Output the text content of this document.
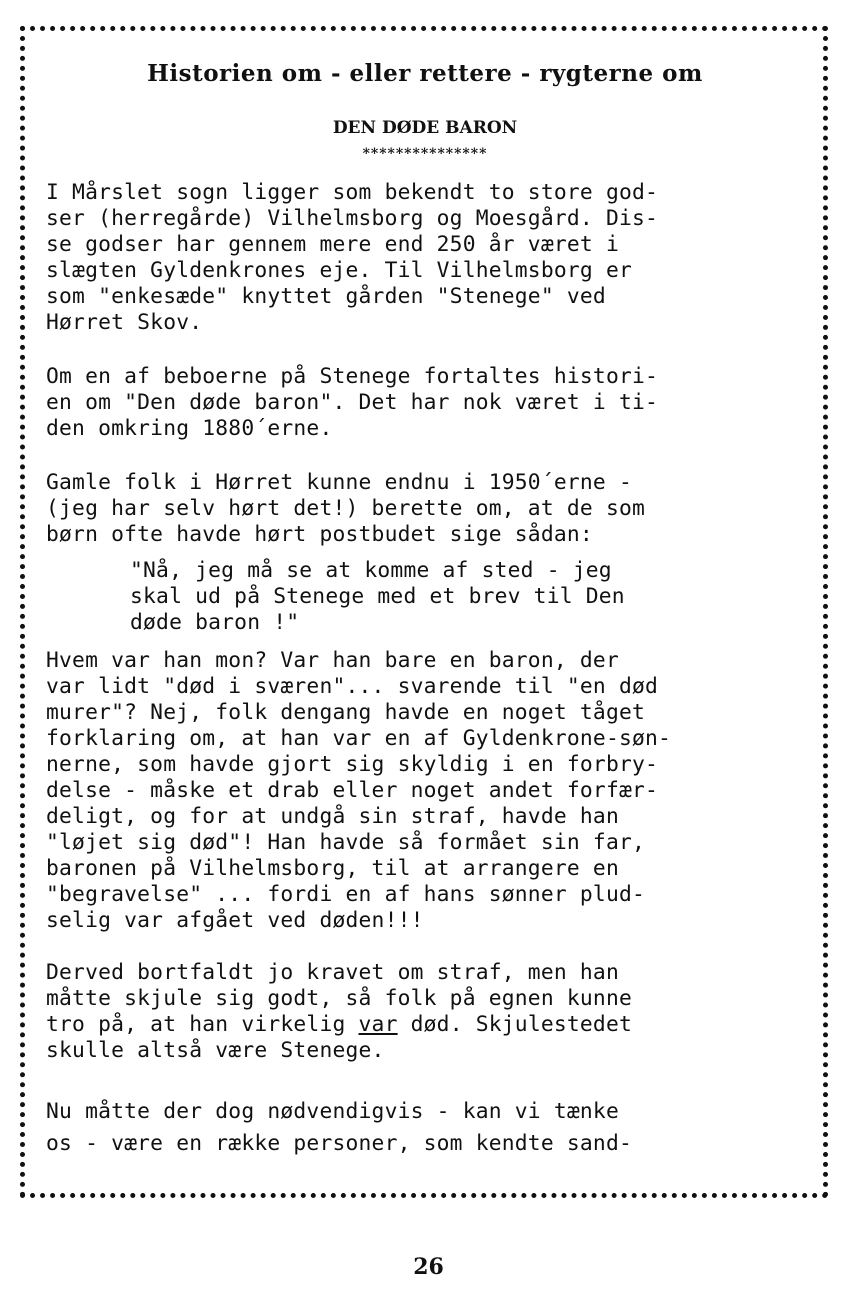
Historien om - eller rettere - rygterne om
DEN DØDE BARON
***************

I Mårslet sogn ligger som bekendt to store god-
ser (herregårde) Vilhelmsborg og Moesgård. Dis-
se godser har gennem mere end 250 år været i
slægten Gyldenkrones eje. Til Vilhelmsborg er
som "enkesæde" knyttet gården "Stenege" ved
Hørret Skov.

Om en af beboerne på Stenege fortaltes histori-
en om "Den døde baron". Det har nok været i ti-
den omkring 1880´erne.

Gamle folk i Hørret kunne endnu i 1950´erne -
(jeg har selv hørt det!) berette om, at de som
børn ofte havde hørt postbudet sige sådan:

"Nå, jeg må se at komme af sted - jeg
skal ud på Stenege med et brev til Den
døde baron !"

Hvem var han mon? Var han bare en baron, der
var lidt "død i sværen"... svarende til "en død
murer"? Nej, folk dengang havde en noget tåget
forklaring om, at han var en af Gyldenkrone-søn-
nerne, som havde gjort sig skyldig i en forbry-
delse - måske et drab eller noget andet forfær-
deligt, og for at undgå sin straf, havde han
"løjet sig død"! Han havde så formået sin far,
baronen på Vilhelmsborg, til at arrangere en
"begravelse" ... fordi en af hans sønner plud-
selig var afgået ved døden!!!

Derved bortfaldt jo kravet om straf, men han
måtte skjule sig godt, så folk på egnen kunne
tro på, at han virkelig var død. Skjulestedet
skulle altså være Stenege.

Nu måtte der dog nødvendigvis - kan vi tænke
os - være en række personer, som kendte sand-

26
